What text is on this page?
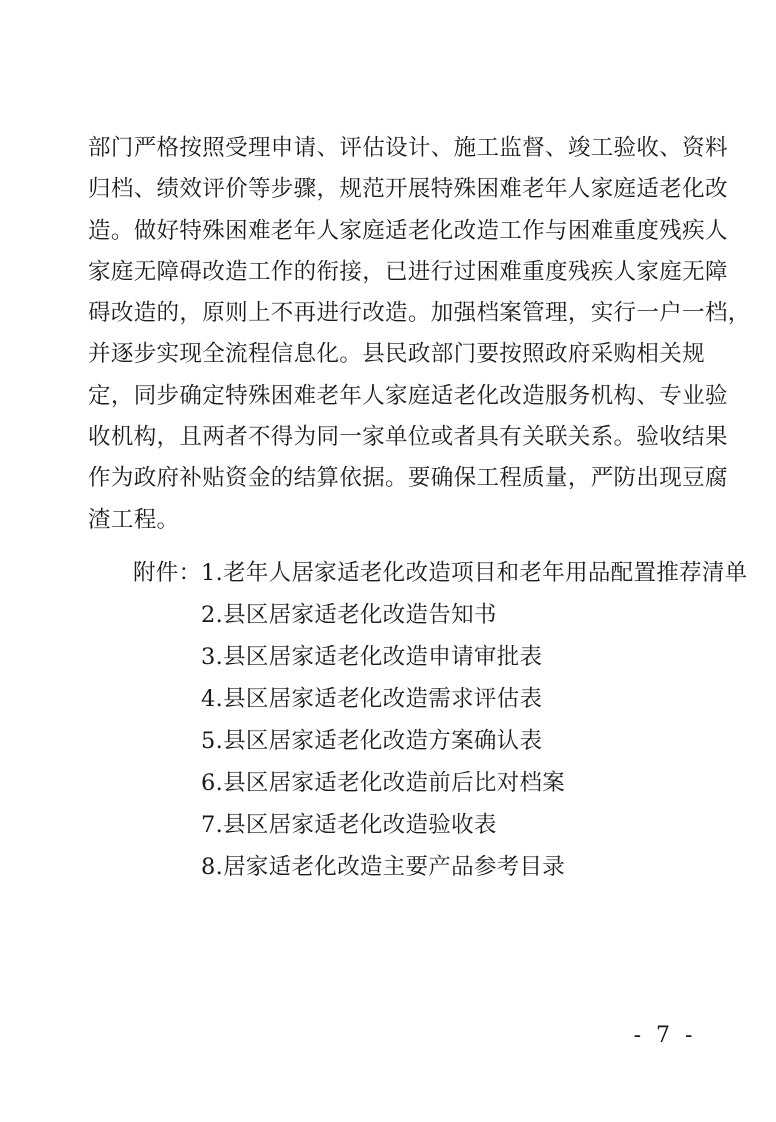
部门严格按照受理申请、评估设计、施工监督、竣工验收、资料
归档、绩效评价等步骤，规范开展特殊困难老年人家庭适老化改
造。做好特殊困难老年人家庭适老化改造工作与困难重度残疾人
家庭无障碍改造工作的衔接，已进行过困难重度残疾人家庭无障
碍改造的，原则上不再进行改造。加强档案管理，实行一户一档，
并逐步实现全流程信息化。县民政部门要按照政府采购相关规
定，同步确定特殊困难老年人家庭适老化改造服务机构、专业验
收机构，且两者不得为同一家单位或者具有关联关系。验收结果
作为政府补贴资金的结算依据。要确保工程质量，严防出现豆腐
渣工程。
附件： 1.老年人居家适老化改造项目和老年用品配置推荐清单
2.县区居家适老化改造告知书
3.县区居家适老化改造申请审批表
4.县区居家适老化改造需求评估表
5.县区居家适老化改造方案确认表
6.县区居家适老化改造前后比对档案
7.县区居家适老化改造验收表
8.居家适老化改造主要产品参考目录
- 7 -
